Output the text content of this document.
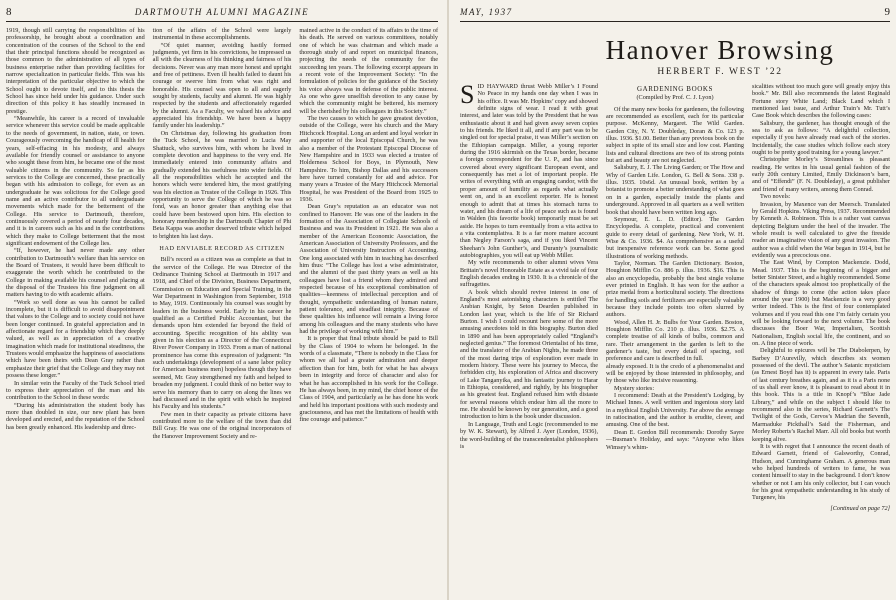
8	DARTMOUTH ALUMNI MAGAZINE

1919, though still carrying the responsibilities of his professorship, he brought about a coordination and concentration of the courses of the School to the end that their principal functions should be recognized as those common to the administration of all types of business enterprise rather than providing facilities for narrow specialization in particular fields. This was his interpretation of the particular objective to which the School ought to devote itself, and to this thesis the School has since held under his guidance. Under such direction of this policy it has steadily increased in prestige.

“Meanwhile, his career is a record of invaluable service whenever this service could be made applicable to the needs of government, in nation, state, or town. Courageously overcoming the handicap of ill health for years, self-effacing in his modesty, and always available for friendly counsel or assistance to anyone who sought these from him, he became one of the most valuable citizens in the community. So far as his services to the College are concerned, these practically began with his admission to college, for even as an undergraduate he was solicitous for the College good name and an active contributor to all undergraduate movements which made for the betterment of the College. His service to Dartmouth, therefore, continuously covered a period of nearly four decades, and it is in careers such as his and in the contributions which they make to College betterment that the most significant endowment of the College lies.

“If, however, he had never made any other contribution to Dartmouth’s welfare than his service on the Board of Trustees, it would have been difficult to exaggerate the worth which he contributed to the College in making available his counsel and placing at the disposal of the Trustees his fine judgment on all matters having to do with academic affairs.

“Work so well done as was his cannot be called incomplete, but it is difficult to avoid disappointment that values to the College and to society could not have been longer continued. In grateful appreciation and in affectionate regard for a friendship which they deeply valued, as well as in appreciation of a creative imagination which made for institutional steadiness, the Trustees would emphasize the happiness of associations which have been theirs with Dean Gray rather than emphasize their grief that the College and they may not possess these longer.”

In similar vein the Faculty of the Tuck School tried to express their appreciation of the man and his contribution to the School in these words:

“During his administration the student body has more than doubled in size, our new plant has been developed and erected, and the reputation of the School has been greatly enhanced. His leadership and direc-

tion of the affairs of the School were largely instrumental in these accomplishments.

“Of quiet manner, avoiding hastily formed judgments, yet firm in his convictions, he impressed us all with the clearness of his thinking and fairness of his decisions. Never was any man more honest and upright and free of pettiness. Even ill health failed to daunt his courage or swerve him from what was right and honorable. His counsel was open to all and eagerly sought by students, faculty and alumni. He was highly respected by the students and affectionately regarded by the alumni. As a Faculty, we valued his advice and appreciated his friendship. We have been a happy family under his leadership.”

On Christmas day, following his graduation from the Tuck School, he was married to Lucia May Shattuck, who survives him, with whom he lived in complete devotion and happiness to the very end. He immediately entered into community affairs and gradually extended his usefulness into wider fields. Of all the responsibilities which he accepted and the honors which were tendered him, the most gratifying was his election as Trustee of the College in 1926. This opportunity to serve the College of which he was so fond, was an honor greater than anything else that could have been bestowed upon him. His election to honorary membership in the Dartmouth Chapter of Phi Beta Kappa was another deserved tribute which helped to brighten his last days.

HAD ENVIABLE RECORD AS CITIZEN

Bill’s record as a citizen was as complete as that in the service of the College. He was Director of the Ordinance Training School at Dartmouth in 1917 and 1918, and Chief of the Division, Business Department, Commission on Education and Special Training, in the War Department in Washington from September, 1918 to May, 1919. Continuously his counsel was sought by leaders in the business world. Early in his career he qualified as a Certified Public Accountant, but the demands upon him extended far beyond the field of accounting. Specific recognition of his ability was given in his election as a Director of the Connecticut River Power Company in 1933. From a man of national prominence has come this expression of judgment: “In such undertakings (development of a sane labor policy for American business men) hopeless though they have seemed, Mr. Gray strengthened my faith and helped to broaden my judgment. I could think of no better way to serve his memory than to carry on along the lines we had discussed and in the spirit with which he inspired his Faculty and his students.”

Few men in their capacity as private citizens have contributed more to the welfare of the town than did Bill Gray. He was one of the original incorporators of the Hanover Improvement Society and re-

mained active in the conduct of its affairs to the time of his death. He served on various committees, notably one of which he was chairman and which made a thorough study of and report on municipal finances, projecting the needs of the community for the succeeding ten years. The following excerpt appears in a recent vote of the Improvement Society: “In the formulation of policies for the guidance of the Society his voice always was in defense of the public interest. As one who gave unselfish devotion to any cause by which the community might be bettered, his memory will be cherished by his colleagues in this Society.”

The two causes to which he gave greatest devotion, outside of the College, were his church and the Mary Hitchcock Hospital. Long an ardent and loyal worker in and supporter of the local Episcopal Church, he was also a member of the Protestant Episcopal Diocese of New Hampshire and in 1933 was elected a trustee of Holderness School for Boys, in Plymouth, New Hampshire. To him, Bishop Dallas and his successors here have turned constantly for aid and advice. For many years a Trustee of the Mary Hitchcock Memorial Hospital, he was President of the Board from 1925 to 1936.

Dean Gray’s reputation as an educator was not confined to Hanover. He was one of the leaders in the formation of the Association of Collegiate Schools of Business and was its President in 1921. He was also a member of the American Economic Association, the American Association of University Professors, and the Association of University Instructors of Accounting. One long associated with him in teaching has described him thus: “The College has lost a wise administrator, and the alumni of the past thirty years as well as his colleagues have lost a friend whom they admired and respected because of his exceptional combination of qualities—keenness of intellectual perception and of thought, sympathetic understanding of human nature, patient tolerance, and steadfast integrity. Because of these qualities his influence will remain a living force among his colleagues and the many students who have had the privilege of working with him.”

It is proper that final tribute should be paid to Bill by the Class of 1904 to whom he belonged. In the words of a classmate, “There is nobody in the Class for whom we all had a greater admiration and deeper affection than for him, both for what he has always been in integrity and force of character and also for what he has accomplished in his work for the College. He has always been, in my mind, the chief honor of the Class of 1904, and particularly as he has done his work and held his important positions with such modesty and graciousness, and has met the limitations of health with fine courage and patience.”

MAY, 1937	9
Hanover Browsing
HERBERT F. WEST ’22

SID HAYWARD thrust Webb Miller’s I Found No Peace in my hands one day when I was in his office. It was Mr. Hopkins’ copy and showed definite signs of wear. I read it with great interest, and later was told by the President that he was enthusiastic about it and had given away seven copies to his friends. He liked it all, and if any part was to be singled out for special praise, it was Miller’s section on the Ethiopian campaign. Miller, a young reporter during the 1916 skirmish on the Texas border, became a foreign correspondent for the U. P., and has since covered about every significant European event, and consequently has met a lot of important people. He writes of everything with an engaging candor, with the proper amount of humility as regards what actually went on, and is an excellent reporter. He is honest enough to admit that at times his stomach turns to water, and his dream of a life of peace such as is found in Walden (his favorite book) temporarily must be set aside. He hopes to turn eventually from a vita activa to a vita contemplativa. It is a far more mature account than Negley Farson’s saga, and if you liked Vincent Sheehan’s John Gunther’s, and Duranty’s journalistic autobiographies, you will eat up Webb Miller.

My wife recommends to other alumni wives Vera Brittain’s novel Honorable Estate as a vivid tale of four English decades ending in 1930. It is a chronicle of the suffragettes.

A book which should revive interest in one of England’s most astonishing characters is entitled The Arabian Knight, by Seton Dearden published in London last year, which is the life of Sir Richard Burton. I wish I could recount here some of the more amusing anecdotes told in this biography. Burton died in 1890 and has been appropriately called “England’s neglected genius.” The foremost Orientalist of his time, and the translator of the Arabian Nights, he made three of the most daring trips of exploration ever made in modern history. These were his journey to Mecca, the forbidden city, his exploration of Africa and discovery of Lake Tanganyika, and his fantastic journey to Harar in Ethiopia, considered, and rightly, by his biographer as his greatest feat. England refused him with distaste for several reasons which endear him all the more to me. He should be known by our generation, and a good introduction to him is the book under discussion.

In Language, Truth and Logic (recommended to me by W. K. Stewart), by Alfred J. Ayer (London, 1936), the word-building of the transcendentalist philosophers is

GARDENING BOOKS
(Compiled by Prof. C. J. Lyon)

Of the many new books for gardeners, the following are recommended as excellent, each for its particular purpose. McKenny, Margaret. The Wild Garden. Garden City, N. Y. Doubleday, Doran & Co. 123 p. illus. 1936. $1.00. Better than any previous book on the subject in spite of its small size and low cost. Planting lists and cultural directions are two of its strong points but art and beauty are not neglected.

Salisbury, E. J. The Living Garden; or The How and Why of Garden Life. London, G. Bell & Sons. 338 p. illus. 1935. 10s6d. An unusual book, written by a botanist to promote a better understanding of what goes on in a garden, especially inside the plants and underground. Approved in all quarters as a well written book that should have been written long ago.

Seymour, E. L. D. (Editor). The Garden Encyclopedia. A complete, practical and convenient guide to every detail of gardening. New York, W. H. Wise & Co. 1936. $4. As comprehensive as a useful but inexpensive reference work can be. Some good illustrations of working methods.

Taylor, Norman. The Garden Dictionary. Boston, Houghton Mifflin Co. 886 p. illus. 1936. $16. This is also an encyclopedia, probably the best single volume ever printed in English. It has won for the author a prize medal from a horticultural society. The directions for handling soils and fertilizers are especially valuable because they include points too often slurred by authors.

Wood, Allen H. Jr. Bulbs for Your Garden. Boston, Houghton Mifflin Co. 210 p. illus. 1936. $2.75. A complete treatise of all kinds of bulbs, common and rare. Their arrangement in the garden is left to the gardener’s taste, but every detail of spacing, soil preference and care is described in full.

already exposed. It is the credo of a phenomenalist and will be enjoyed by those interested in philosophy, and by those who like incisive reasoning.

Mystery stories:

I recommend: Death at the President’s Lodging, by Michael Innes. A well written and ingenious story laid in a mythical English University. Far above the average in ratiocination, and the author is erudite, clever, and amusing. One of the best.

Dean E. Gordon Bill recommends: Dorothy Sayre—Busman’s Holiday, and says: “Anyone who likes Wimsey’s whim-

sicalities without too much gore will greatly enjoy this book.” Mr. Bill also recommends the latest Reginald Fortune story White Land; Black Land which I mentioned last issue, and Arthur Train’s Mr. Tutt’s Case Book which describes the following cases:

Salisbury, the gardener, has thought enough of the sea to ask as follows: “A delightful collection, especially if you have already read each of the stories. Incidentally, the case studies which follow each story ought to be pretty good training for a young lawyer.”

Christopher Morley’s Streamlines is pleasant reading. He writes in his usual genial fashion of the early 20th century Limited, Emily Dickinson’s barn, and of “Effendi” (F. N. Doubleday), a great publisher and friend of many writers, among them Conrad.

Two novels:

Invasion, by Maxence van der Meersch. Translated by Gerald Hopkins. Viking Press, 1937. Recommended by Kenneth A. Robinson. This is a rather vast canvas depicting Belgium under the heel of the invader. The whole result is well calculated to give the fireside reader an imaginative vision of any great invasion. The author was a child when the War began in 1914, but he evidently was a precocious one.

The East Wind, by Compton Mackenzie. Dodd, Mead. 1937. This is the beginning of a bigger and better Sinister Street, and a highly recommended. Some of the characters speak almost too prophetically of the shadow of things to come (the action takes place around the year 1900) but Mackenzie is a very good writer indeed. This is the first of four contemplated volumes and if you read this one I’m fairly certain you will be looking forward to the next volume. The book discusses the Boer War, Imperialism, Scottish Nationalism, English social life, the continent, and so on. A fine piece of work.

Delightful to epicures will be The Diabolerpen, by Barbey D’Aurevilly, which describes six women possessed of the devil. The author’s Satanic mysticism (as Ernest Boyd has it) is apparent in every tale. Paris of last century breathes again, and as it is a Paris none of us shall ever know, it is pleasant to read about it in this book. This is a title in Knopf’s “Blue Jade Library,” and while on the subject I should like to recommend also in the series, Richard Garnett’s The Twilight of the Gods, Cervos’s Madrian the Seventh, Marmaduke Pickthall’s Said the Fisherman, and Morley Roberts’s Rachel Marr. All old books but worth keeping alive.

It is with regret that I announce the recent death of Edward Garnett, friend of Galsworthy, Conrad, Hudson, and Cunninghame Graham. A generous man who helped hundreds of writers to fame, he was content himself to stay in the background. I don’t know whether or not I am his only collector, but I can vouch for his great sympathetic understanding in his study of Turgenev, his

[Continued on page 72]
